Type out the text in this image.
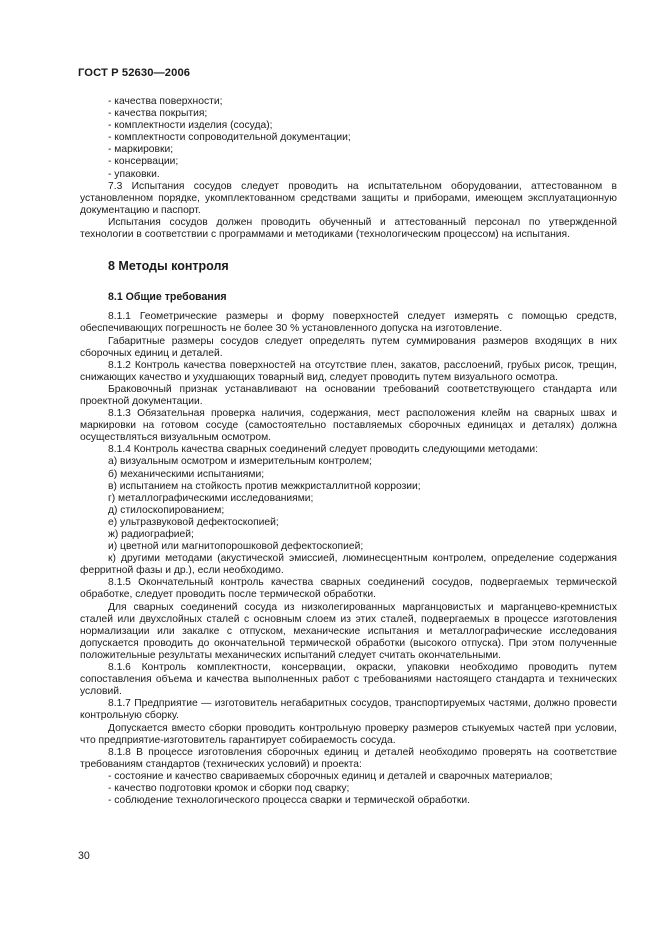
ГОСТ Р 52630—2006

- качества поверхности;

- качества покрытия;

- комплектности изделия (сосуда);

- комплектности сопроводительной документации;

- маркировки;

- консервации;

- упаковки.

7.3 Испытания сосудов следует проводить на испытательном оборудовании, аттестованном в установленном порядке, укомплектованном средствами защиты и приборами, имеющем эксплуатационную документацию и паспорт.

Испытания сосудов должен проводить обученный и аттестованный персонал по утвержденной технологии в соответствии с программами и методиками (технологическим процессом) на испытания.

8 Методы контроля

8.1 Общие требования

8.1.1 Геометрические размеры и форму поверхностей следует измерять с помощью средств, обеспечивающих погрешность не более 30 % установленного допуска на изготовление.

Габаритные размеры сосудов следует определять путем суммирования размеров входящих в них сборочных единиц и деталей.

8.1.2 Контроль качества поверхностей на отсутствие плен, закатов, расслоений, грубых рисок, трещин, снижающих качество и ухудшающих товарный вид, следует проводить путем визуального осмотра.

Браковочный признак устанавливают на основании требований соответствующего стандарта или проектной документации.

8.1.3 Обязательная проверка наличия, содержания, мест расположения клейм на сварных швах и маркировки на готовом сосуде (самостоятельно поставляемых сборочных единицах и деталях) должна осуществляться визуальным осмотром.

8.1.4 Контроль качества сварных соединений следует проводить следующими методами:

а) визуальным осмотром и измерительным контролем;

б) механическими испытаниями;

в) испытанием на стойкость против межкристаллитной коррозии;

г) металлографическими исследованиями;

д) стилоскопированием;

е) ультразвуковой дефектоскопией;

ж) радиографией;

и) цветной или магнитопорошковой дефектоскопией;

к) другими методами (акустической эмиссией, люминесцентным контролем, определение содержания ферритной фазы и др.), если необходимо.

8.1.5 Окончательный контроль качества сварных соединений сосудов, подвергаемых термической обработке, следует проводить после термической обработки.

Для сварных соединений сосуда из низколегированных марганцовистых и марганцево-кремнистых сталей или двухслойных сталей с основным слоем из этих сталей, подвергаемых в процессе изготовления нормализации или закалке с отпуском, механические испытания и металлографические исследования допускается проводить до окончательной термической обработки (высокого отпуска). При этом полученные положительные результаты механических испытаний следует считать окончательными.

8.1.6 Контроль комплектности, консервации, окраски, упаковки необходимо проводить путем сопоставления объема и качества выполненных работ с требованиями настоящего стандарта и технических условий.

8.1.7 Предприятие — изготовитель негабаритных сосудов, транспортируемых частями, должно провести контрольную сборку.

Допускается вместо сборки проводить контрольную проверку размеров стыкуемых частей при условии, что предприятие-изготовитель гарантирует собираемость сосуда.

8.1.8 В процессе изготовления сборочных единиц и деталей необходимо проверять на соответствие требованиям стандартов (технических условий) и проекта:

- состояние и качество свариваемых сборочных единиц и деталей и сварочных материалов;

- качество подготовки кромок и сборки под сварку;

- соблюдение технологического процесса сварки и термической обработки.

30
